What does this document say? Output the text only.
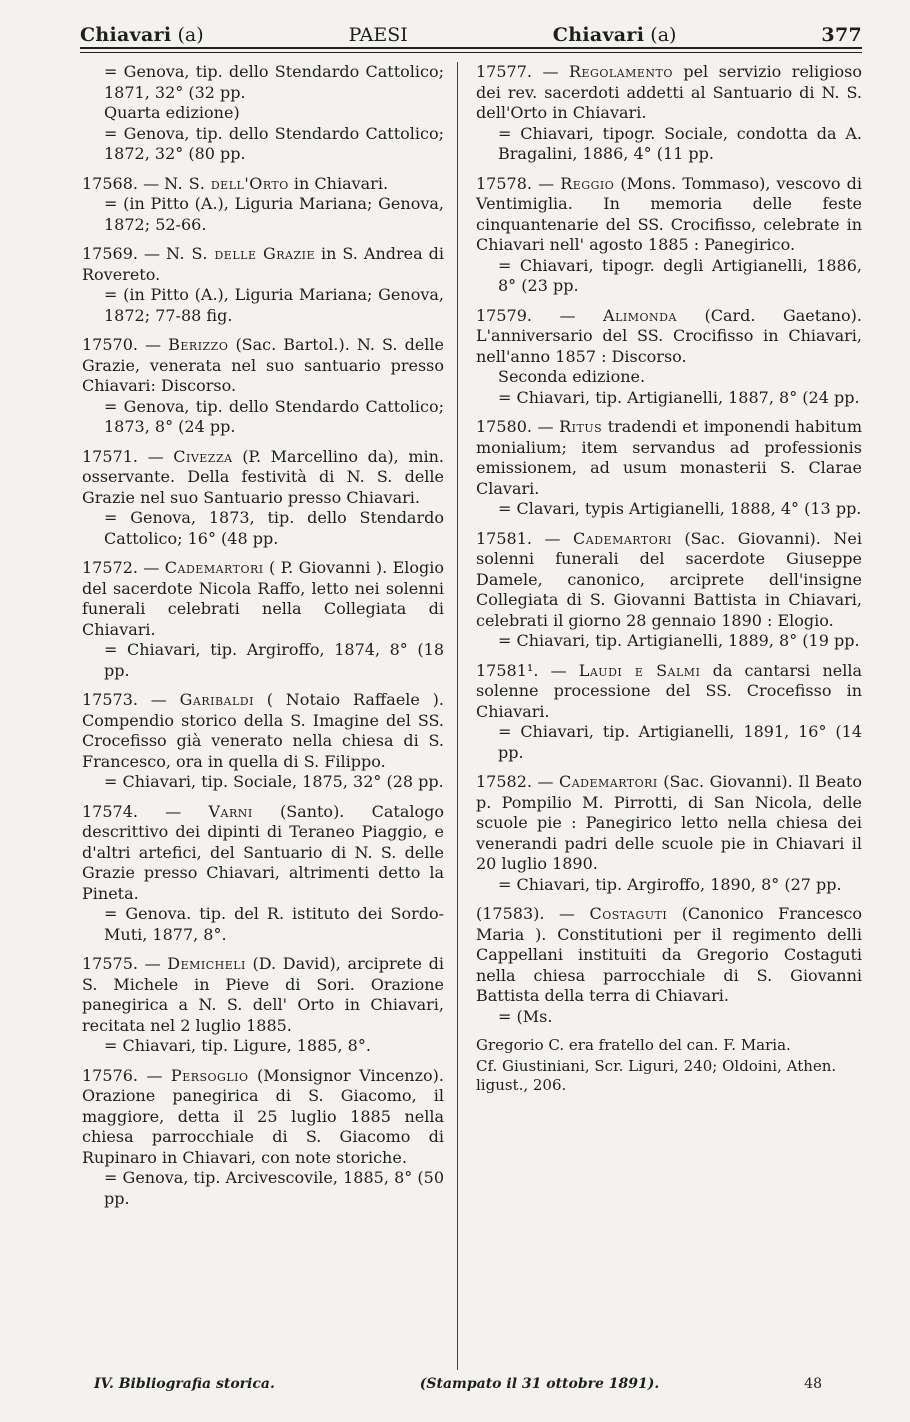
Chiavari (a)	PAESI	Chiavari (a)	377

= Genova, tip. dello Stendardo Cattolico; 1871, 32° (32 pp.

Quarta edizione)

= Genova, tip. dello Stendardo Cattolico; 1872, 32° (80 pp.

17568. — N. S. dell'Orto in Chiavari.

= (in Pitto (A.), Liguria Mariana; Genova, 1872; 52-66.

17569. — N. S. delle Grazie in S. Andrea di Rovereto.

= (in Pitto (A.), Liguria Mariana; Genova, 1872; 77-88 fig.

17570. — Berizzo (Sac. Bartol.). N. S. delle Grazie, venerata nel suo santuario presso Chiavari: Discorso.

= Genova, tip. dello Stendardo Cattolico; 1873, 8° (24 pp.

17571. — Civezza (P. Marcellino da), min. osservante. Della festività di N. S. delle Grazie nel suo Santuario presso Chiavari.

= Genova, 1873, tip. dello Stendardo Cattolico; 16° (48 pp.

17572. — Cademartori ( P. Giovanni ). Elogio del sacerdote Nicola Raffo, letto nei solenni funerali celebrati nella Collegiata di Chiavari.

= Chiavari, tip. Argiroffo, 1874, 8° (18 pp.

17573. — Garibaldi ( Notaio Raffaele ). Compendio storico della S. Imagine del SS. Crocefisso già venerato nella chiesa di S. Francesco, ora in quella di S. Filippo.

= Chiavari, tip. Sociale, 1875, 32° (28 pp.

17574. — Varni (Santo). Catalogo descrittivo dei dipinti di Teraneo Piaggio, e d'altri artefici, del Santuario di N. S. delle Grazie presso Chiavari, altrimenti detto la Pineta.

= Genova. tip. del R. istituto dei Sordo-Muti, 1877, 8°.

17575. — Demicheli (D. David), arciprete di S. Michele in Pieve di Sori. Orazione panegirica a N. S. dell' Orto in Chiavari, recitata nel 2 luglio 1885.

= Chiavari, tip. Ligure, 1885, 8°.

17576. — Persoglio (Monsignor Vincenzo). Orazione panegirica di S. Giacomo, il maggiore, detta il 25 luglio 1885 nella chiesa parrocchiale di S. Giacomo di Rupinaro in Chiavari, con note storiche.

= Genova, tip. Arcivescovile, 1885, 8° (50 pp.

17577. — Regolamento pel servizio religioso dei rev. sacerdoti addetti al Santuario di N. S. dell'Orto in Chiavari.

= Chiavari, tipogr. Sociale, condotta da A. Bragalini, 1886, 4° (11 pp.

17578. — Reggio (Mons. Tommaso), vescovo di Ventimiglia. In memoria delle feste cinquantenarie del SS. Crocifisso, celebrate in Chiavari nell' agosto 1885 : Panegirico.

= Chiavari, tipogr. degli Artigianelli, 1886, 8° (23 pp.

17579. — Alimonda (Card. Gaetano). L'anniversario del SS. Crocifisso in Chiavari, nell'anno 1857 : Discorso.

Seconda edizione.

= Chiavari, tip. Artigianelli, 1887, 8° (24 pp.

17580. — Ritus tradendi et imponendi habitum monialium; item servandus ad professionis emissionem, ad usum monasterii S. Clarae Clavari.

= Clavari, typis Artigianelli, 1888, 4° (13 pp.

17581. — Cademartori (Sac. Giovanni). Nei solenni funerali del sacerdote Giuseppe Damele, canonico, arciprete dell'insigne Collegiata di S. Giovanni Battista in Chiavari, celebrati il giorno 28 gennaio 1890 : Elogio.

= Chiavari, tip. Artigianelli, 1889, 8° (19 pp.

17581¹. — Laudi e Salmi da cantarsi nella solenne processione del SS. Crocefisso in Chiavari.

= Chiavari, tip. Artigianelli, 1891, 16° (14 pp.

17582. — Cademartori (Sac. Giovanni). Il Beato p. Pompilio M. Pirrotti, di San Nicola, delle scuole pie : Panegirico letto nella chiesa dei venerandi padri delle scuole pie in Chiavari il 20 luglio 1890.

= Chiavari, tip. Argiroffo, 1890, 8° (27 pp.

(17583). — Costaguti (Canonico Francesco Maria ). Constitutioni per il regimento delli Cappellani instituiti da Gregorio Costaguti nella chiesa parrocchiale di S. Giovanni Battista della terra di Chiavari.

= (Ms.

Gregorio C. era fratello del can. F. Maria.

Cf. Giustiniani, Scr. Liguri, 240; Oldoini, Athen. ligust., 206.

IV. Bibliografia storica.	(Stampato il 31 ottobre 1891).	48
